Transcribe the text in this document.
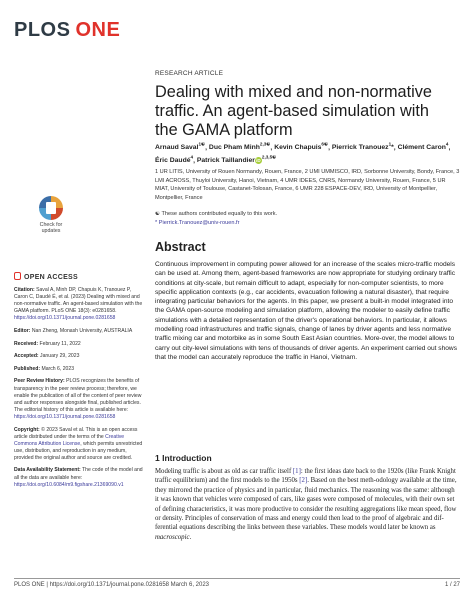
PLOS ONE
RESEARCH ARTICLE
Dealing with mixed and non-normative traffic. An agent-based simulation with the GAMA platform
Arnaud Saval$^{1☯}$, Duc Pham Minh$^{2,3☯}$, Kevin Chapuis$^{6☯}$, Pierrick Tranouez$^1$*, Clément Caron$^4$, Éric Daudé$^4$, Patrick TaillandieriD$^{2,3,5☯}$
1 UR LITIS, University of Rouen Normandy, Rouen, France, 2 UMI UMMISCO, IRD, Sorbonne University, Bondy, France, 3 LMI ACROSS, Thuyloi University, Hanoi, Vietnam, 4 UMR IDEES, CNRS, Normandy University, Rouen, France, 5 UR MIAT, University of Toulouse, Castanet-Tolosan, France, 6 UMR 228 ESPACE-DEV, IRD, University of Montpellier, Montpellier, France
☯ These authors contributed equally to this work.
* Pierrick.Tranouez@univ-rouen.fr
Check for
updates
OPEN ACCESS

Citation: Saval A, Minh DP, Chapuis K, Tranouez P, Caron C, Daudé É, et al. (2023) Dealing with mixed and non-normative traffic. An agent-based simulation with the GAMA platform. PLoS ONE 18(3): e0281658. https://doi.org/10.1371/journal.pone.0281658

Editor: Nan Zheng, Monash University, AUSTRALIA

Received: February 11, 2022

Accepted: January 29, 2023

Published: March 6, 2023

Peer Review History: PLOS recognizes the benefits of transparency in the peer review process; therefore, we enable the publication of all of the content of peer review and author responses alongside final, published articles. The editorial history of this article is available here: https://doi.org/10.1371/journal.pone.0281658

Copyright: © 2023 Saval et al. This is an open access article distributed under the terms of the Creative Commons Attribution License, which permits unrestricted use, distribution, and reproduction in any medium, provided the original author and source are credited.

Data Availability Statement: The code of the model and all the data are available here: https://doi.org/10.6084/m9.figshare.21369090.v1

Abstract

Continuous improvement in computing power allowed for an increase of the scales micro-traffic models can be used at. Among them, agent-based frameworks are now appropriate for studying ordinary traffic conditions at city-scale, but remain difficult to adapt, especially for non-computer scientists, to more specific application contexts (e.g., car accidents, evacuation following a natural disaster), that require integrating particular behaviors for the agents. In this paper, we present a built-in model integrated into the GAMA open-source modeling and simulation platform, allowing the modeler to easily define traffic simulations with a detailed representation of the driver's operational behaviors. In particular, it allows modelling road infrastructures and traffic signals, change of lanes by driver agents and less normative traffic mixing car and motorbike as in some South East Asian countries. More-over, the model allows to carry out city-level simulations with tens of thousands of driver agents. An experiment carried out shows that the model can accurately reproduce the traffic in Hanoi, Vietnam.

1 Introduction

Modeling traffic is about as old as car traffic itself [1]: the first ideas date back to the 1920s (like Frank Knight traffic equilibrium) and the first models to the 1950s [2]. Based on the best meth-odology available at the time, they mirrored the practice of physics and in particular, fluid mechanics. The reasoning was the same: although it was known that vehicles were composed of cars, like gases were composed of molecules, with their own set of defining characteristics, it was more productive to consider the resulting aggregations like mean speed, flow or density. Principles of conservation of mass and energy could then lead to the proof of algebraic and dif-ferential equations describing the links between these variables. These models would later be known as macroscopic.

PLOS ONE | https://doi.org/10.1371/journal.pone.0281658 March 6, 2023	1 / 27
